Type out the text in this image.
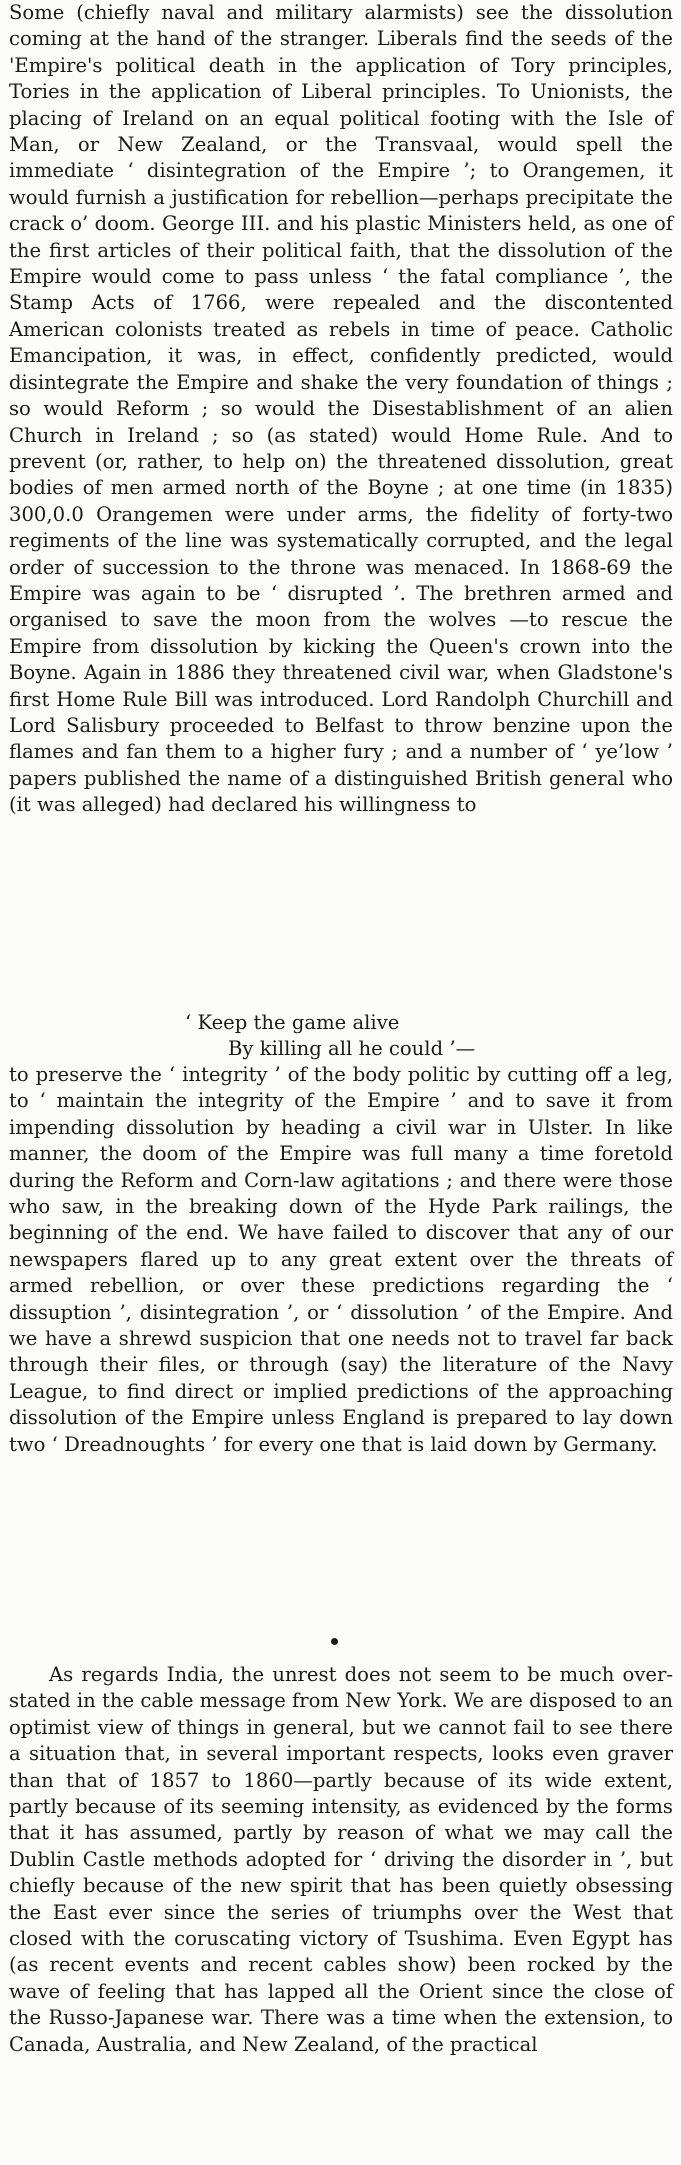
Some (chiefly naval and military alarmists) see the dissolution coming at the hand of the stranger. Liberals find the seeds of the 'Empire's political death in the application of Tory principles, Tories in the application of Liberal principles. To Unionists, the placing of Ireland on an equal political footing with the Isle of Man, or New Zealand, or the Transvaal, would spell the immediate ‘ disintegration of the Empire ’; to Orangemen, it would furnish a justification for rebellion—perhaps precipitate the crack o’ doom. George III. and his plastic Ministers held, as one of the first articles of their political faith, that the dissolution of the Empire would come to pass unless ‘ the fatal compliance ’, the Stamp Acts of 1766, were repealed and the discontented American colonists treated as rebels in time of peace. Catholic Emancipation, it was, in effect, confidently predicted, would disintegrate the Empire and shake the very foundation of things ; so would Reform ; so would the Disestablishment of an alien Church in Ireland ; so (as stated) would Home Rule. And to prevent (or, rather, to help on) the threatened dissolution, great bodies of men armed north of the Boyne ; at one time (in 1835) 300,0.0 Orangemen were under arms, the fidelity of forty-two regiments of the line was systematically corrupted, and the legal order of succession to the throne was menaced. In 1868-69 the Empire was again to be ‘ disrupted ’. The brethren armed and organised to save the moon from the wolves —to rescue the Empire from dissolution by kicking the Queen's crown into the Boyne. Again in 1886 they threatened civil war, when Gladstone's first Home Rule Bill was introduced. Lord Randolph Churchill and Lord Salisbury proceeded to Belfast to throw benzine upon the flames and fan them to a higher fury ; and a number of ‘ ye’low ’ papers published the name of a distinguished British general who (it was alleged) had declared his willingness to

‘ Keep the game alive
By killing all he could ’—

to preserve the ‘ integrity ’ of the body politic by cutting off a leg, to ‘ maintain the integrity of the Empire ’ and to save it from impending dissolution by heading a civil war in Ulster. In like manner, the doom of the Empire was full many a time foretold during the Reform and Corn-law agitations ; and there were those who saw, in the breaking down of the Hyde Park railings, the beginning of the end. We have failed to discover that any of our newspapers flared up to any great extent over the threats of armed rebellion, or over these predictions regarding the ‘ dissuption ’, disintegration ’, or ‘ dissolution ’ of the Empire. And we have a shrewd suspicion that one needs not to travel far back through their files, or through (say) the literature of the Navy League, to find direct or implied predictions of the approaching dissolution of the Empire unless England is prepared to lay down two ‘ Dreadnoughts ’ for every one that is laid down by Germany.

As regards India, the unrest does not seem to be much over-stated in the cable message from New York. We are disposed to an optimist view of things in general, but we cannot fail to see there a situation that, in several important respects, looks even graver than that of 1857 to 1860—partly because of its wide extent, partly because of its seeming intensity, as evidenced by the forms that it has assumed, partly by reason of what we may call the Dublin Castle methods adopted for ‘ driving the disorder in ’, but chiefly because of the new spirit that has been quietly obsessing the East ever since the series of triumphs over the West that closed with the coruscating victory of Tsushima. Even Egypt has (as recent events and recent cables show) been rocked by the wave of feeling that has lapped all the Orient since the close of the Russo-Japanese war. There was a time when the extension, to Canada, Australia, and New Zealand, of the practical
